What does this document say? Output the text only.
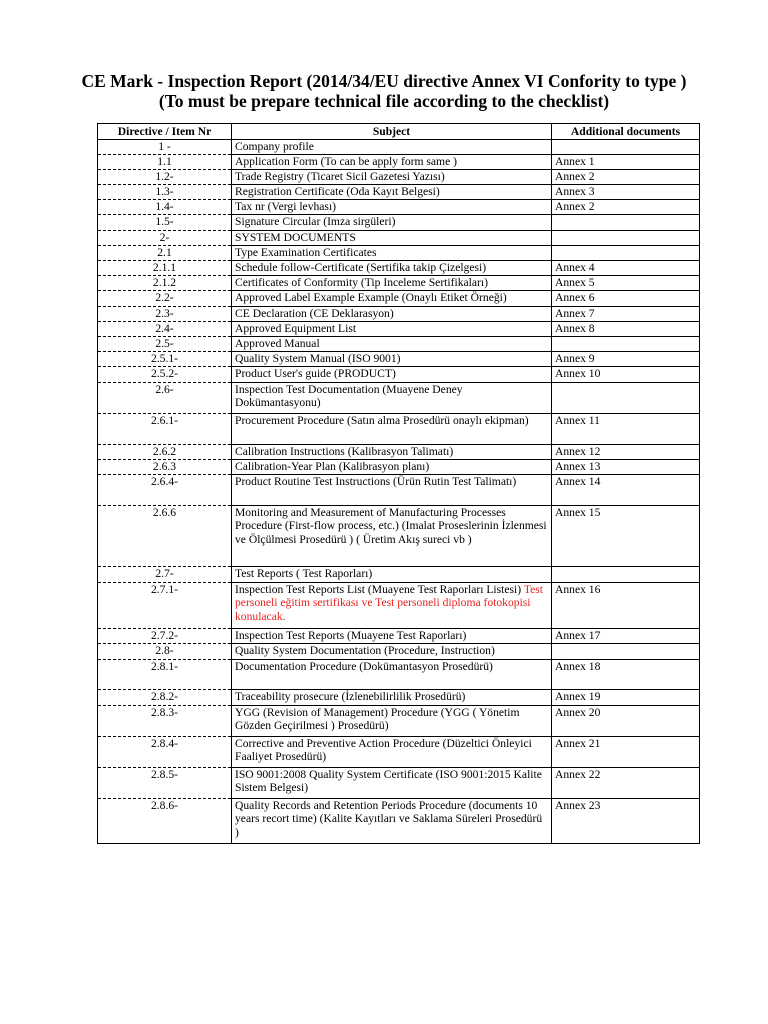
CE Mark - Inspection Report (2014/34/EU directive Annex VI Confority to type )
(To must be prepare technical file according to the checklist)
Directive / Item Nr	Subject	Additional documents
1 -	Company profile	
1.1	Application Form (To can be apply form same )	Annex 1
1.2-	Trade Registry (Ticaret Sicil Gazetesi Yazısı)	Annex 2
1.3-	Registration Certificate (Oda Kayıt Belgesi)	Annex 3
1.4-	Tax nr (Vergi levhası)	Annex 2
1.5-	Signature Circular (Imza sirgüleri)	
2-	SYSTEM DOCUMENTS	
2.1	Type Examination Certificates	
2.1.1	Schedule follow-Certificate (Sertifika takip Çizelgesi)	Annex 4
2.1.2	Certificates of Conformity (Tip Inceleme Sertifikaları)	Annex 5
2.2-	Approved Label Example Example (Onaylı Etiket Örneği)	Annex 6
2.3-	CE Declaration (CE Deklarasyon)	Annex 7
2.4-	Approved Equipment List	Annex 8
2.5-	Approved Manual	
2.5.1-	Quality System Manual (ISO 9001)	Annex 9
2.5.2-	Product User's guide (PRODUCT)	Annex 10
2.6-	Inspection Test Documentation (Muayene Deney Dokümantasyonu)	
2.6.1-	Procurement Procedure (Satın alma Prosedürü onaylı ekipman)	Annex 11
2.6.2	Calibration Instructions (Kalibrasyon Talimatı)	Annex 12
2.6.3	Calibration-Year Plan (Kalibrasyon planı)	Annex 13
2.6.4-	Product Routine Test Instructions (Ürün Rutin Test Talimatı)	Annex 14
2.6.6	Monitoring and Measurement of Manufacturing Processes Procedure (First-flow process, etc.) (Imalat Proseslerinin İzlenmesi ve Ölçülmesi Prosedürü ) ( Üretim Akış sureci vb )	Annex 15
2.7-	Test Reports ( Test Raporları)	
2.7.1-	Inspection Test Reports List (Muayene Test Raporları Listesi) Test personeli eğitim sertifikası ve Test personeli diploma fotokopisi konulacak.	Annex 16
2.7.2-	Inspection Test Reports (Muayene Test Raporları)	Annex 17
2.8-	Quality System Documentation (Procedure, Instruction)	
2.8.1-	Documentation Procedure (Dokümantasyon Prosedürü)	Annex 18
2.8.2-	Traceability prosecure (İzlenebilirlilik Prosedürü)	Annex 19
2.8.3-	YGG (Revision of Management) Procedure (YGG ( Yönetim Gözden Geçirilmesi ) Prosedürü)	Annex 20
2.8.4-	Corrective and Preventive Action Procedure (Düzeltici Önleyici Faaliyet Prosedürü)	Annex 21
2.8.5-	ISO 9001:2008 Quality System Certificate (ISO 9001:2015 Kalite Sistem Belgesi)	Annex 22
2.8.6-	Quality Records and Retention Periods Procedure (documents 10 years recort time) (Kalite Kayıtları ve Saklama Süreleri Prosedürü )	Annex 23
